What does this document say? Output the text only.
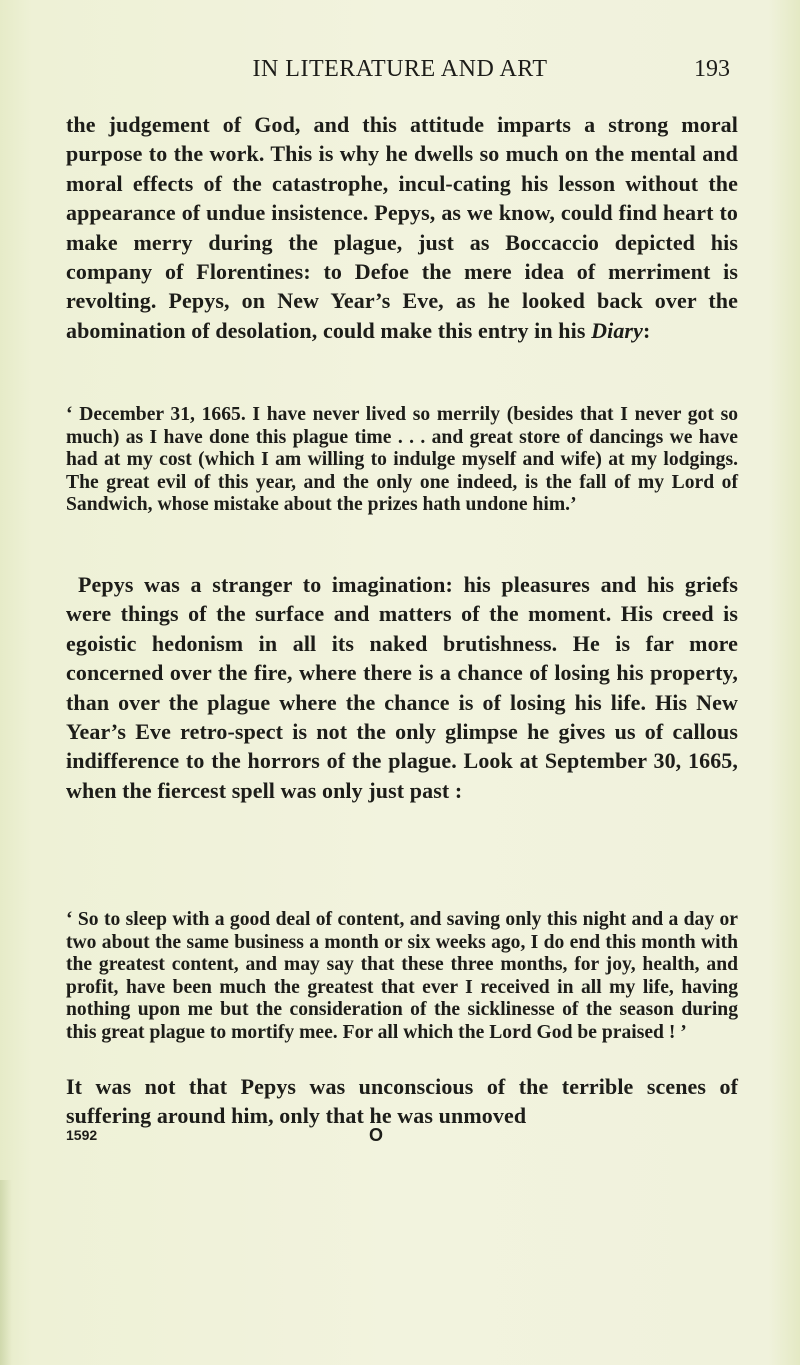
IN LITERATURE AND ART	193

the judgement of God, and this attitude imparts a strong moral purpose to the work. This is why he dwells so much on the mental and moral effects of the catastrophe, incul-cating his lesson without the appearance of undue insistence. Pepys, as we know, could find heart to make merry during the plague, just as Boccaccio depicted his company of Florentines: to Defoe the mere idea of merriment is revolting. Pepys, on New Year’s Eve, as he looked back over the abomination of desolation, could make this entry in his Diary:

‘ December 31, 1665. I have never lived so merrily (besides that I never got so much) as I have done this plague time . . . and great store of dancings we have had at my cost (which I am willing to indulge myself and wife) at my lodgings. The great evil of this year, and the only one indeed, is the fall of my Lord of Sandwich, whose mistake about the prizes hath undone him.’

Pepys was a stranger to imagination: his pleasures and his griefs were things of the surface and matters of the moment. His creed is egoistic hedonism in all its naked brutishness. He is far more concerned over the fire, where there is a chance of losing his property, than over the plague where the chance is of losing his life. His New Year’s Eve retro-spect is not the only glimpse he gives us of callous indifference to the horrors of the plague. Look at September 30, 1665, when the fiercest spell was only just past :

‘ So to sleep with a good deal of content, and saving only this night and a day or two about the same business a month or six weeks ago, I do end this month with the greatest content, and may say that these three months, for joy, health, and profit, have been much the greatest that ever I received in all my life, having nothing upon me but the consideration of the sicklinesse of the season during this great plague to mortify mee. For all which the Lord God be praised ! ’

It was not that Pepys was unconscious of the terrible scenes of suffering around him, only that he was unmoved

1592	O
